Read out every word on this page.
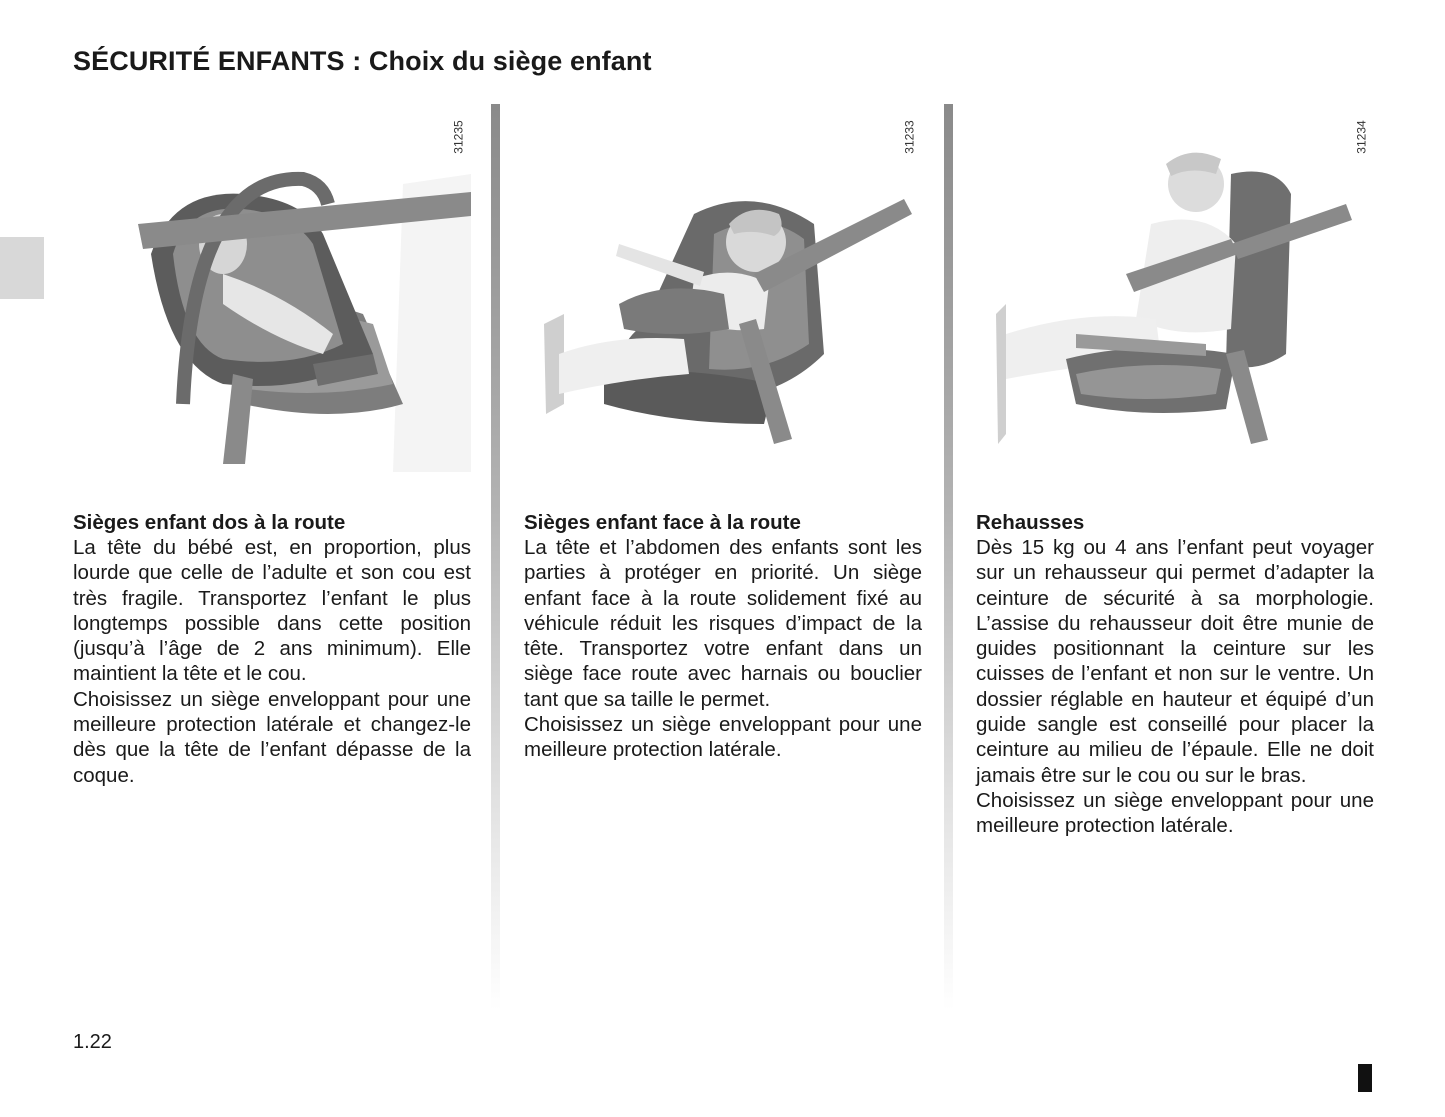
SÉCURITÉ ENFANTS : Choix du siège enfant
31235
Sièges enfant dos à la route

La tête du bébé est, en proportion, plus lourde que celle de l’adulte et son cou est très fragile. Transportez l’enfant le plus longtemps possible dans cette position (jusqu’à l’âge de 2 ans minimum). Elle maintient la tête et le cou.

Choisissez un siège enveloppant pour une meilleure protection latérale et changez-le dès que la tête de l’enfant dépasse de la coque.

31233
Sièges enfant face à la route

La tête et l’abdomen des enfants sont les parties à protéger en priorité. Un siège enfant face à la route solidement fixé au véhicule réduit les risques d’impact de la tête. Transportez votre enfant dans un siège face route avec harnais ou bouclier tant que sa taille le permet.

Choisissez un siège enveloppant pour une meilleure protection latérale.

31234
Rehausses

Dès 15 kg ou 4 ans l’enfant peut voyager sur un rehausseur qui permet d’adapter la ceinture de sécurité à sa morphologie. L’assise du rehausseur doit être munie de guides positionnant la ceinture sur les cuisses de l’enfant et non sur le ventre. Un dossier réglable en hauteur et équipé d’un guide sangle est conseillé pour placer la ceinture au milieu de l’épaule. Elle ne doit jamais être sur le cou ou sur le bras.

Choisissez un siège enveloppant pour une meilleure protection latérale.

1.22
